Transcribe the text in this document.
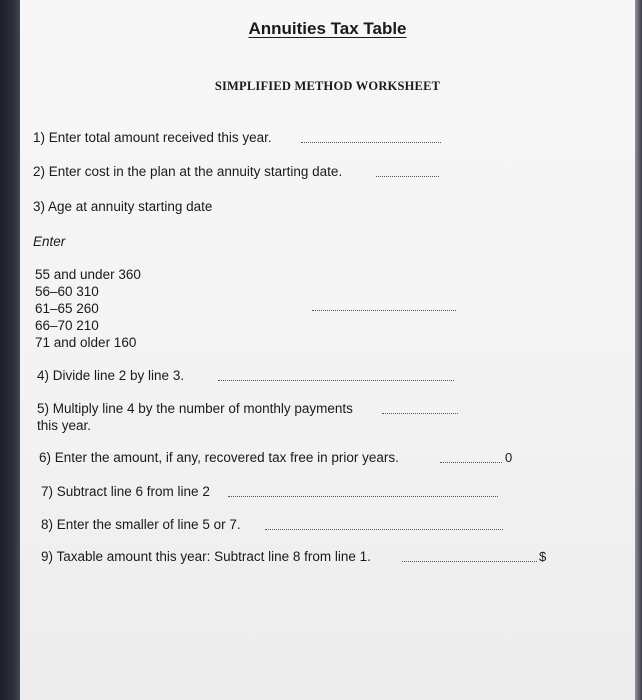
Annuities Tax Table
SIMPLIFIED METHOD WORKSHEET
1) Enter total amount received this year.
2) Enter cost in the plan at the annuity starting date.
3) Age at annuity starting date
Enter
55 and under 360
56–60 310
61–65 260
66–70 210
71 and older 160
4) Divide line 2 by line 3.
5) Multiply line 4 by the number of monthly payments
this year.
6) Enter the amount, if any, recovered tax free in prior years.	0
7) Subtract line 6 from line 2
8) Enter the smaller of line 5 or 7.
9) Taxable amount this year: Subtract line 8 from line 1.	$
